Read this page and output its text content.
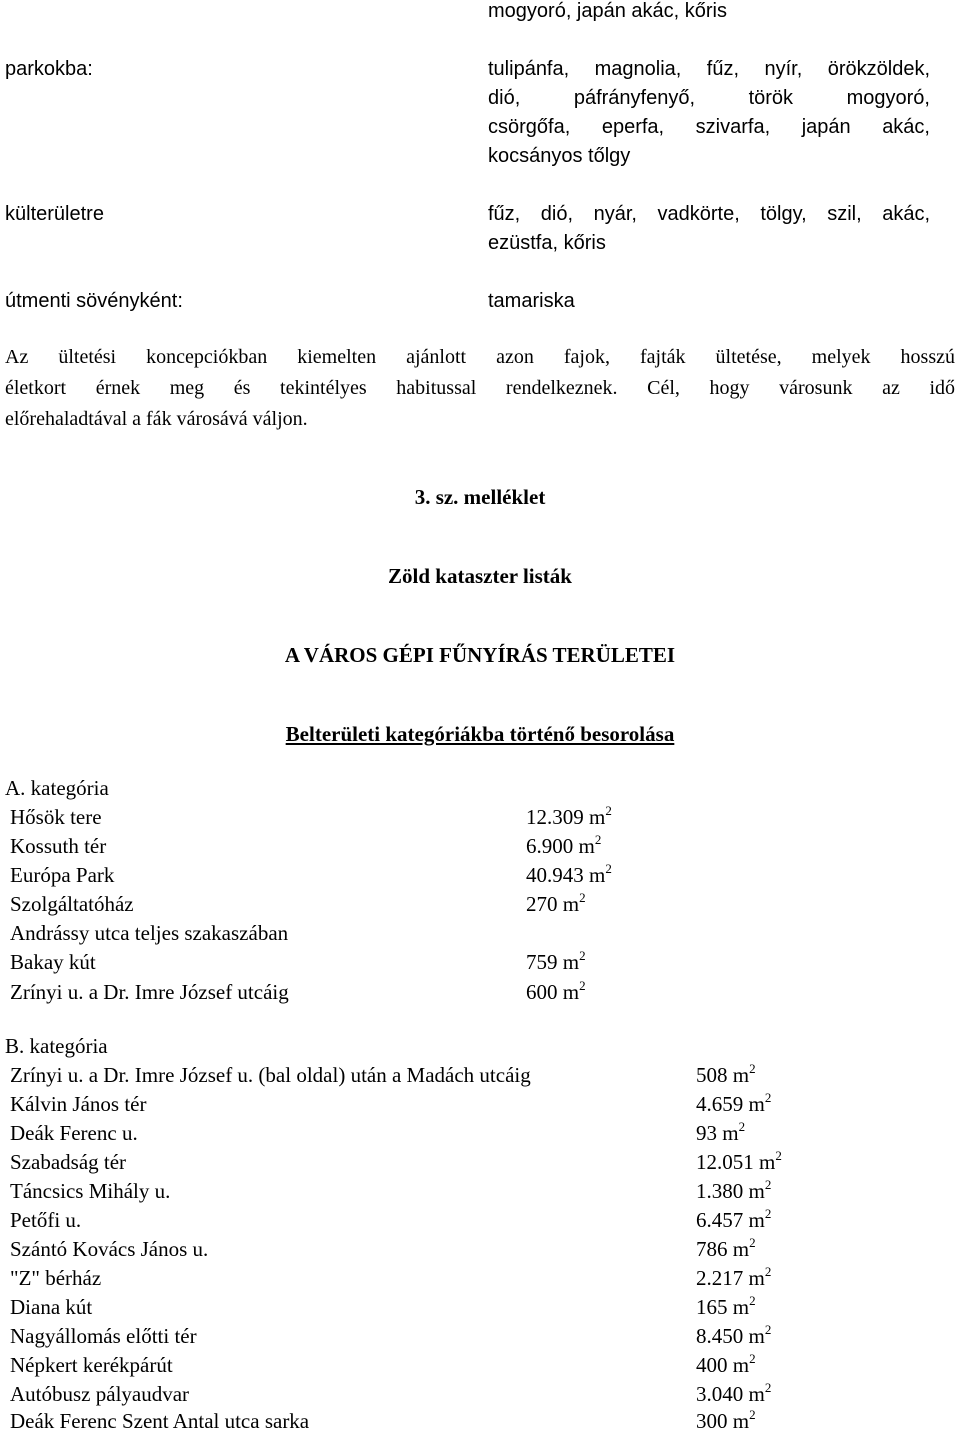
mogyoró, japán akác, kőris
parkokba:	tulipánfa, magnolia, fűz, nyír, örökzöldek,
dió, páfrányfenyő, török mogyoró,
csörgőfa, eperfa, szivarfa, japán akác,
kocsányos tőlgy
külterületre	fűz, dió, nyár, vadkörte, tölgy, szil, akác,
ezüstfa, kőris
útmenti sövényként:	tamariska
Az ültetési koncepciókban kiemelten ajánlott azon fajok, fajták ültetése, melyek hosszú
életkort érnek meg és tekintélyes habitussal rendelkeznek. Cél, hogy városunk az idő
előrehaladtával a fák városává váljon.
3. sz. melléklet
Zöld kataszter listák
A VÁROS GÉPI FŰNYÍRÁS TERÜLETEI
Belterületi kategóriákba történő besorolása
A. kategória
Hősök tere	12.309 $m^2$
Kossuth tér	6.900 $m^2$
Európa Park	40.943 $m^2$
Szolgáltatóház	270 $m^2$
Andrássy utca teljes szakaszában
Bakay kút	759 $m^2$
Zrínyi u. a Dr. Imre József utcáig	600 $m^2$
B. kategória
Zrínyi u. a Dr. Imre József u. (bal oldal) után a Madách utcáig	508 $m^2$
Kálvin János tér	4.659 $m^2$
Deák Ferenc u.	93 $m^2$
Szabadság tér	12.051 $m^2$
Táncsics Mihály u.	1.380 $m^2$
Petőfi u.	6.457 $m^2$
Szántó Kovács János u.	786 $m^2$
"Z" bérház	2.217 $m^2$
Diana kút	165 $m^2$
Nagyállomás előtti tér	8.450 $m^2$
Népkert kerékpárút	400 $m^2$
Autóbusz pályaudvar	3.040 $m^2$
Deák Ferenc Szent Antal utca sarka	300 $m^2$
